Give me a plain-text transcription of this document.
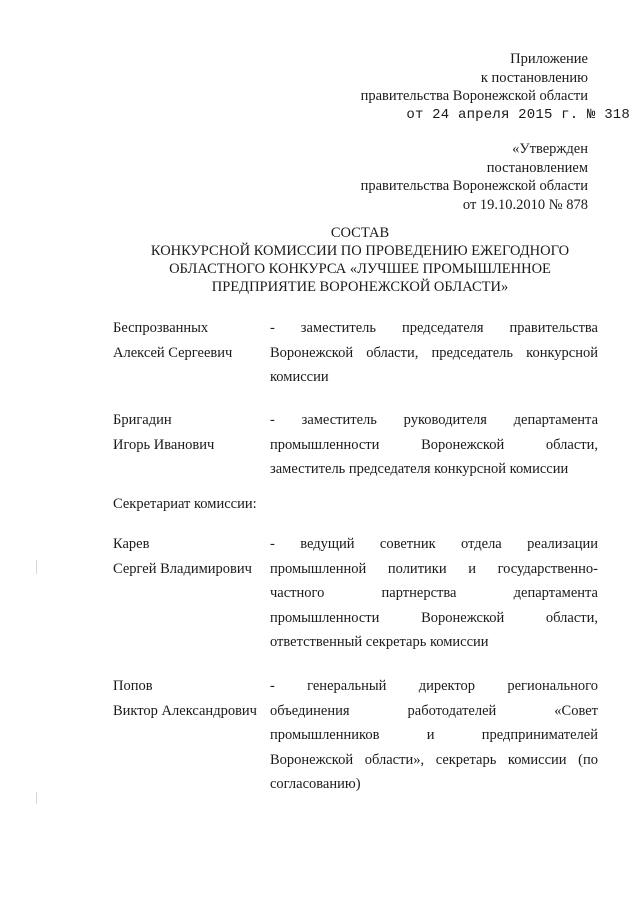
Приложение
к постановлению
правительства Воронежской области
от 24 апреля 2015 г. № 318
«Утвержден
постановлением
правительства Воронежской области
от 19.10.2010 № 878
СОСТАВ
КОНКУРСНОЙ КОМИССИИ ПО ПРОВЕДЕНИЮ ЕЖЕГОДНОГО
ОБЛАСТНОГО КОНКУРСА «ЛУЧШЕЕ ПРОМЫШЛЕННОЕ
ПРЕДПРИЯТИЕ ВОРОНЕЖСКОЙ ОБЛАСТИ»
Беспрозванных
Алексей Сергеевич
- заместитель председателя правительства
Воронежской области, председатель конкурсной
комиссии
Бригадин
Игорь Иванович
- заместитель руководителя департамента
промышленности Воронежской области,
заместитель председателя конкурсной комиссии
Секретариат комиссии:
Карев
Сергей Владимирович
- ведущий советник отдела реализации
промышленной политики и государственно-
частного партнерства департамента
промышленности Воронежской области,
ответственный секретарь комиссии
Попов
Виктор Александрович
- генеральный директор регионального
объединения работодателей «Совет
промышленников и предпринимателей
Воронежской области», секретарь комиссии (по
согласованию)
